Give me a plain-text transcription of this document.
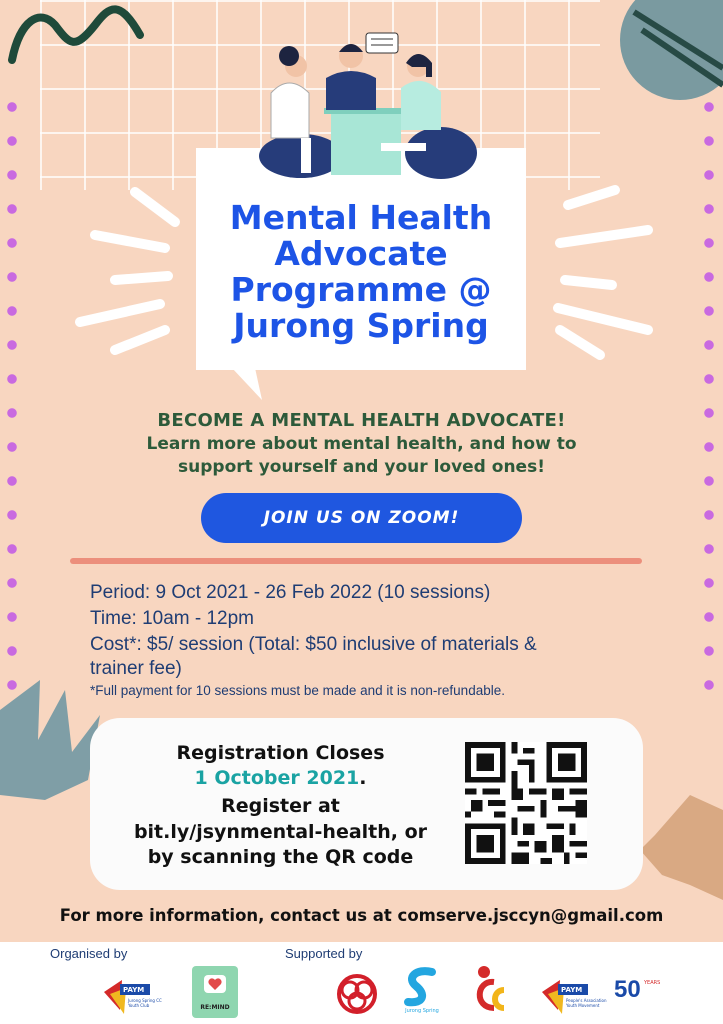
Mental Health
Advocate
Programme @
Jurong Spring
BECOME A MENTAL HEALTH ADVOCATE!
Learn more about mental health, and how to
support yourself and your loved ones!
JOIN US ON ZOOM!
Period: 9 Oct 2021 - 26 Feb 2022 (10 sessions)
Time: 10am - 12pm
Cost*: $5/ session (Total: $50 inclusive of materials &
trainer fee)
*Full payment for 10 sessions must be made and it is non-refundable.
Registration Closes
1 October 2021.
Register at
bit.ly/jsynmental-health, or
by scanning the QR code
For more information, contact us at comserve.jsccyn@gmail.com
Organised by	Supported by
PAYM
Jurong Spring CC Youth Club	RE:MIND	Jurong Spring
PAYM
People's Association Youth Movement
50 YEARS
